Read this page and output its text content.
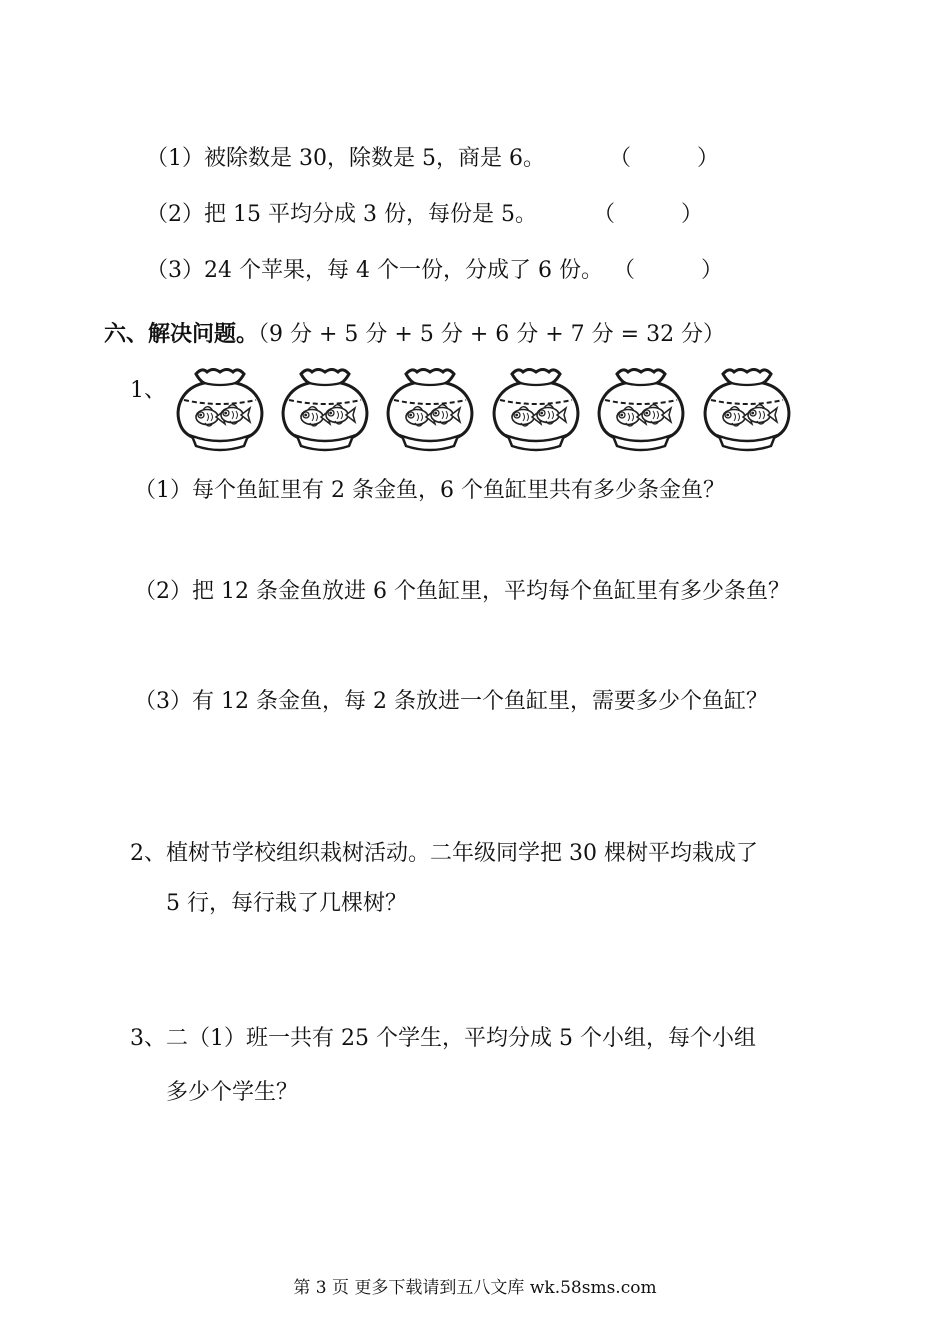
（1）被除数是 30，除数是 5，商是 6。	（　　　）
（2）把 15 平均分成 3 份，每份是 5。	（　　　）
（3）24 个苹果，每 4 个一份，分成了 6 份。 （　　　）
六、解决问题。（9 分 + 5 分 + 5 分 + 6 分 + 7 分 = 32 分）
1、
（1）每个鱼缸里有 2 条金鱼，6 个鱼缸里共有多少条金鱼？
（2）把 12 条金鱼放进 6 个鱼缸里，平均每个鱼缸里有多少条鱼？
（3）有 12 条金鱼，每 2 条放进一个鱼缸里，需要多少个鱼缸？
2、植树节学校组织栽树活动。二年级同学把 30 棵树平均栽成了
5 行，每行栽了几棵树？
3、二（1）班一共有 25 个学生，平均分成 5 个小组，每个小组
多少个学生？
第 3 页 更多下载请到五八文库 wk.58sms.com
